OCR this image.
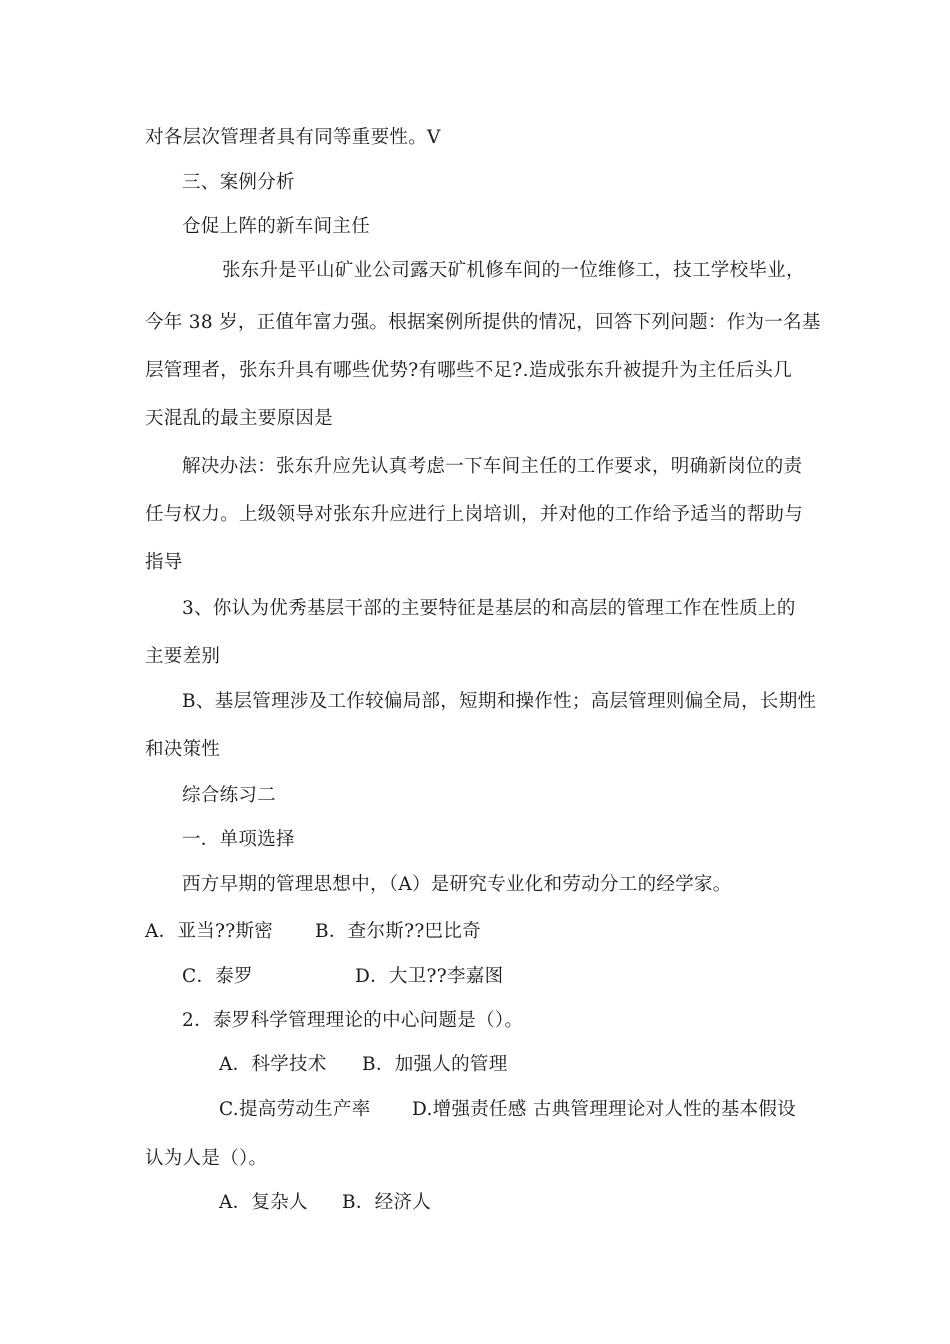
对各层次管理者具有同等重要性。V
三、案例分析
仓促上阵的新车间主任
张东升是平山矿业公司露天矿机修车间的一位维修工，技工学校毕业，
今年 38 岁，正值年富力强。根据案例所提供的情况，回答下列问题：作为一名基
层管理者，张东升具有哪些优势?有哪些不足?.造成张东升被提升为主任后头几
天混乱的最主要原因是
解决办法：张东升应先认真考虑一下车间主任的工作要求，明确新岗位的责
任与权力。上级领导对张东升应进行上岗培训，并对他的工作给予适当的帮助与
指导
3、你认为优秀基层干部的主要特征是基层的和高层的管理工作在性质上的
主要差别
B、基层管理涉及工作较偏局部，短期和操作性；高层管理则偏全局，长期性
和决策性
综合练习二
一．单项选择
西方早期的管理思想中，（A）是研究专业化和劳动分工的经学家。
A．亚当??斯密 B．查尔斯??巴比奇
C．泰罗	D．大卫??李嘉图
2．泰罗科学管理理论的中心问题是（）。
A．科学技术 B．加强人的管理
C.提高劳动生产率 D.增强责任感 古典管理理论对人性的基本假设
认为人是（）。
A．复杂人 B．经济人
